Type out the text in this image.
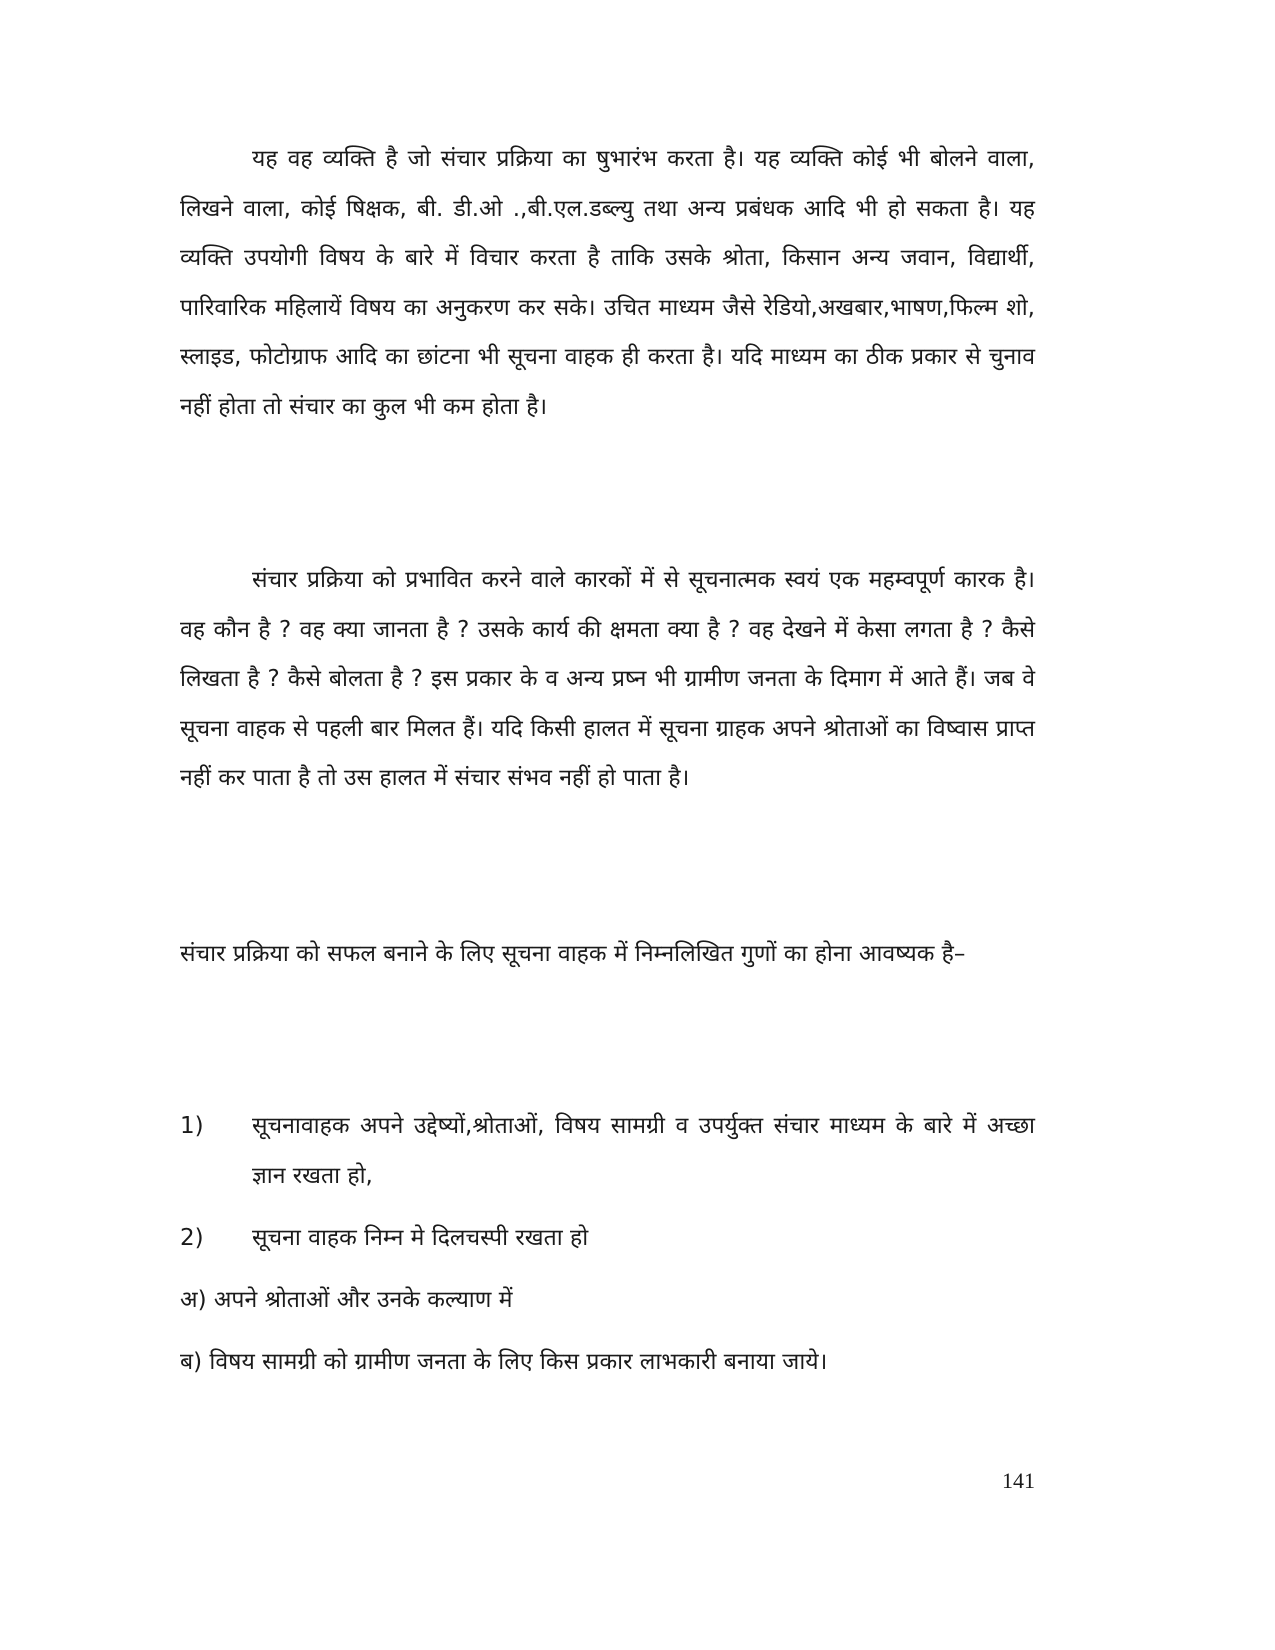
यह वह व्यक्ति है जो संचार प्रक्रिया का षुभारंभ करता है। यह व्यक्ति कोई भी बोलने वाला, लिखने वाला, कोई षिक्षक, बी. डी.ओ .,बी.एल.डब्ल्यु तथा अन्य प्रबंधक आदि भी हो सकता है। यह व्यक्ति उपयोगी विषय के बारे में विचार करता है ताकि उसके श्रोता, किसान अन्य जवान, विद्यार्थी, पारिवारिक महिलायें विषय का अनुकरण कर सके। उचित माध्यम जैसे रेडियो,अखबार,भाषण,फिल्म शो, स्लाइड, फोटोग्राफ आदि का छांटना भी सूचना वाहक ही करता है। यदि माध्यम का ठीक प्रकार से चुनाव नहीं होता तो संचार का कुल भी कम होता है।

संचार प्रक्रिया को प्रभावित करने वाले कारकों में से सूचनात्मक स्वयं एक महम्वपूर्ण कारक है। वह कौन है ? वह क्या जानता है ? उसके कार्य की क्षमता क्या है ? वह देखने में केसा लगता है ? कैसे लिखता है ? कैसे बोलता है ? इस प्रकार के व अन्य प्रष्न भी ग्रामीण जनता के दिमाग में आते हैं। जब वे सूचना वाहक से पहली बार मिलत हैं। यदि किसी हालत में सूचना ग्राहक अपने श्रोताओं का विष्वास प्राप्त नहीं कर पाता है तो उस हालत में संचार संभव नहीं हो पाता है।

संचार प्रक्रिया को सफल बनाने के लिए सूचना वाहक में निम्नलिखित गुणों का होना आवष्यक है–

1)	सूचनावाहक अपने उद्देष्यों,श्रोताओं, विषय सामग्री व उपर्युक्त संचार माध्यम के बारे में अच्छा ज्ञान रखता हो,
2)	सूचना वाहक निम्न मे दिलचस्पी रखता हो

अ) अपने श्रोताओं और उनके कल्याण में

ब) विषय सामग्री को ग्रामीण जनता के लिए किस प्रकार लाभकारी बनाया जाये।

141
